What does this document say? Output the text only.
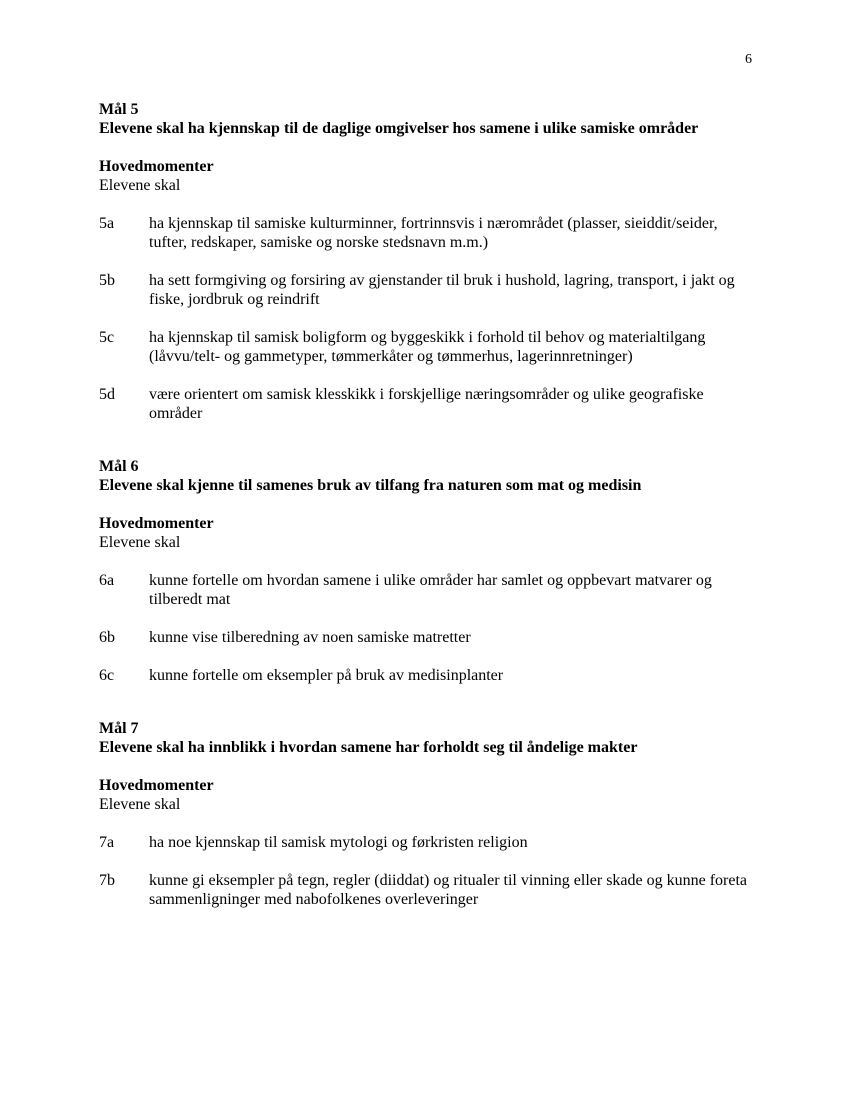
6
Mål 5
Elevene skal ha kjennskap til de daglige omgivelser hos samene i ulike samiske områder
Hovedmomenter
Elevene skal
5a	ha kjennskap til samiske kulturminner, fortrinnsvis i nærområdet (plasser, sieiddit/seider, tufter, redskaper, samiske og norske stedsnavn m.m.)
5b	ha sett formgiving og forsiring av gjenstander til bruk i hushold, lagring, transport, i jakt og fiske, jordbruk og reindrift
5c	ha kjennskap til samisk boligform og byggeskikk i forhold til behov og materialtilgang (låvvu/telt- og gammetyper, tømmerkåter og tømmerhus, lagerinnretninger)
5d	være orientert om samisk klesskikk i forskjellige næringsområder og ulike geografiske områder
Mål 6
Elevene skal kjenne til samenes bruk av tilfang fra naturen som mat og medisin
Hovedmomenter
Elevene skal
6a	kunne fortelle om hvordan samene i ulike områder har samlet og oppbevart matvarer og tilberedt mat
6b	kunne vise tilberedning av noen samiske matretter
6c	kunne fortelle om eksempler på bruk av medisinplanter
Mål 7
Elevene skal ha innblikk i hvordan samene har forholdt seg til åndelige makter
Hovedmomenter
Elevene skal
7a	ha noe kjennskap til samisk mytologi og førkristen religion
7b	kunne gi eksempler på tegn, regler (diiddat) og ritualer til vinning eller skade og kunne foreta sammenligninger med nabofolkenes overleveringer
